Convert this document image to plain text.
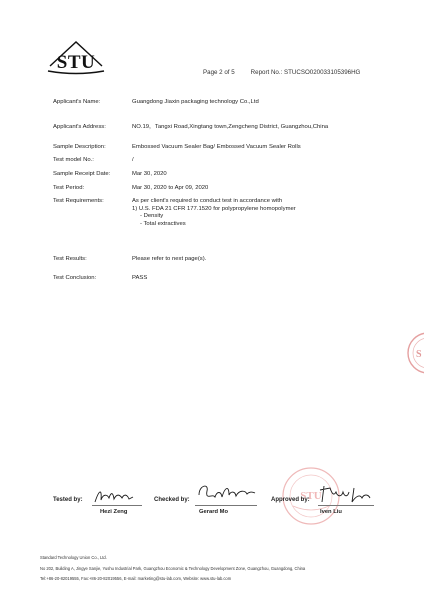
STU	Page 2 of 5	Report No.: STUCSO020033105396HG
Applicant's Name:	Guangdong Jiaxin packaging technology Co.,Ltd
Applicant's Address:	NO.19，Tangxi Road,Xingtang town,Zengcheng District, Guangzhou,China
Sample Description:	Embossed Vacuum Sealer Bag/ Embossed Vacuum Sealer Rolls
Test model No.:	/
Sample Receipt Date:	Mar 30, 2020
Test Period:	Mar 30, 2020 to Apr 09, 2020
Test Requirements:	As per client's required to conduct test in accordance with
1) U.S. FDA 21 CFR 177.1520 for polypropylene homopolymer
- Density
- Total extractives
Test Results:	Please refer to next page(s).
Test Conclusion:	PASS
S
STU
Tested by:
Hezi Zeng
Checked by:
Gerard Mo
Approved by:
Iven Liu
Standard Technology Union Co., Ltd.
No 202, Building A, Jingye Sanjie, Yushu Industrial Park, Guangzhou Economic & Technology Development Zone, Guangzhou, Guangdong, China
Tel:+86-20-82019555, Fax:+86-20-82019556, E-mail: marketing@stu-lab.com, Website: www.stu-lab.com
